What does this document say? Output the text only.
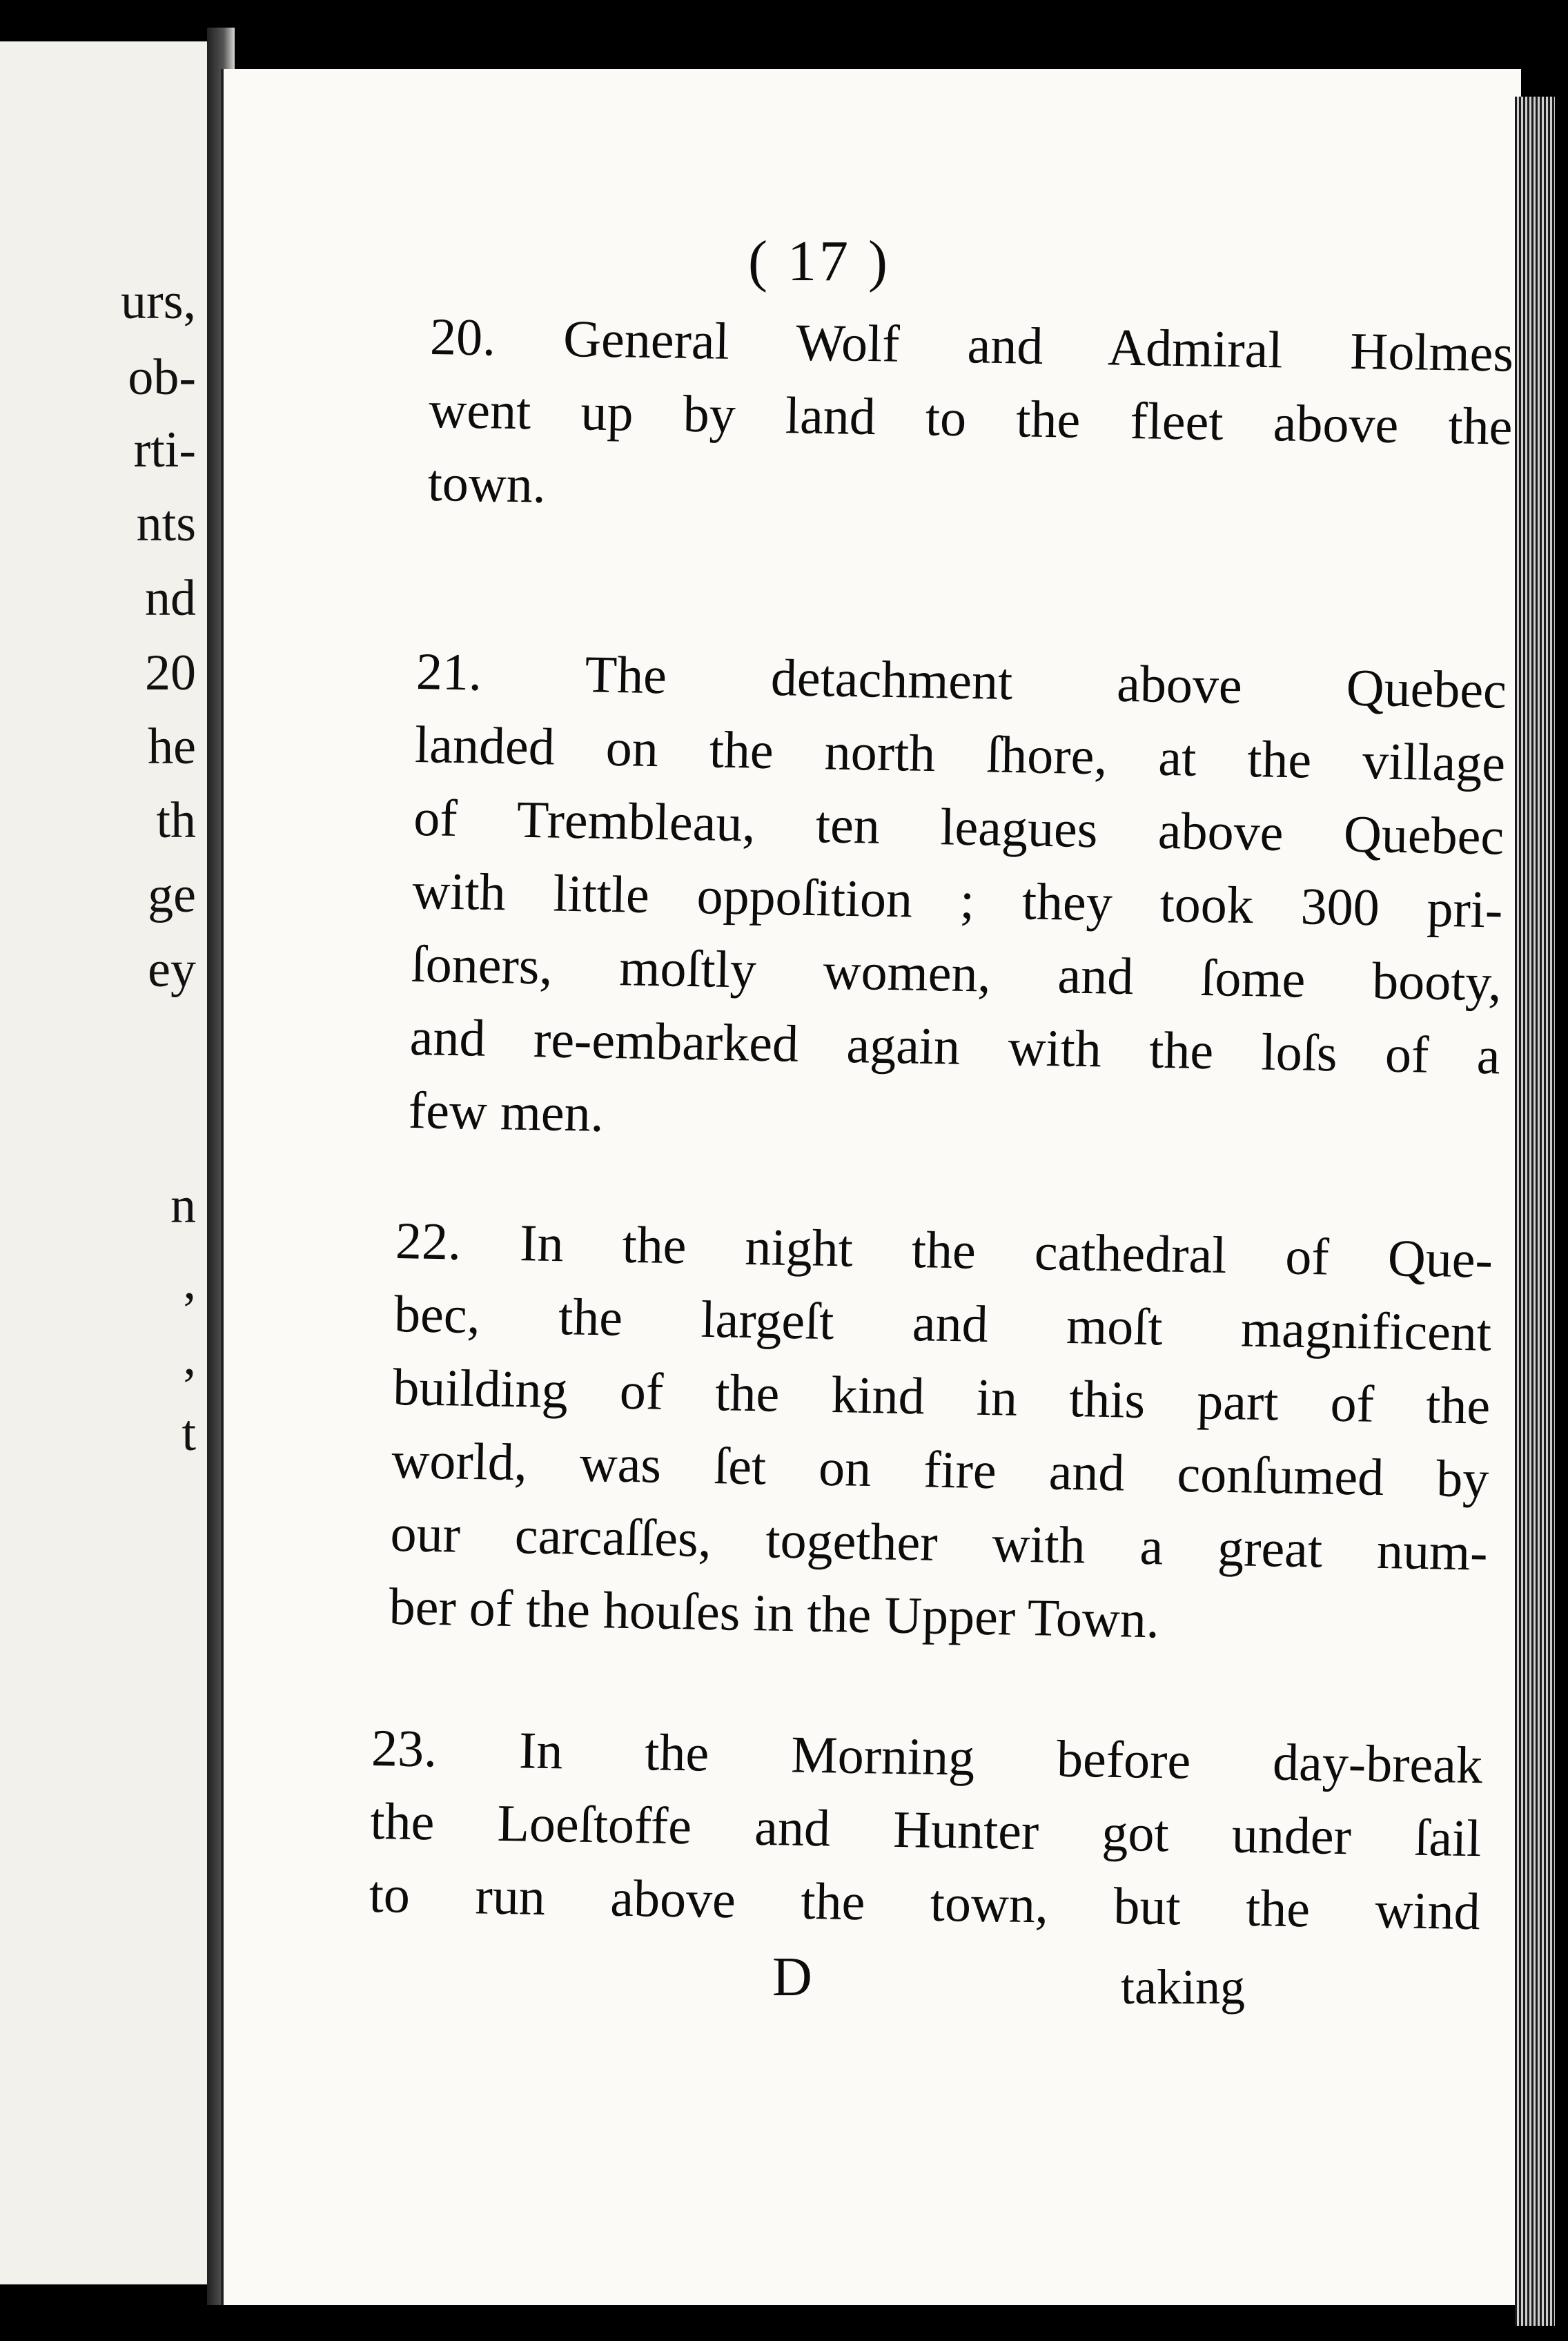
urs,
ob-
rti-
nts
nd
20
he
th
ge
ey
n
,
,
t
( 17 )
20. General Wolf and Admiral Holmes
went up by land to the fleet above the
town.
21. The detachment above Quebec
landed on the north ſhore, at the village
of Trembleau, ten leagues above Quebec
with little oppoſition ; they took 300 pri-
ſoners, moſtly women, and ſome booty,
and re-embarked again with the loſs of a
few men.
22. In the night the cathedral of Que-
bec, the largeſt and moſt magnificent
building of the kind in this part of the
world, was ſet on fire and conſumed by
our carcaſſes, together with a great num-
ber of the houſes in the Upper Town.
23. In the Morning before day-break
the Loeſtoffe and Hunter got under ſail
to run above the town, but the wind
D	taking
